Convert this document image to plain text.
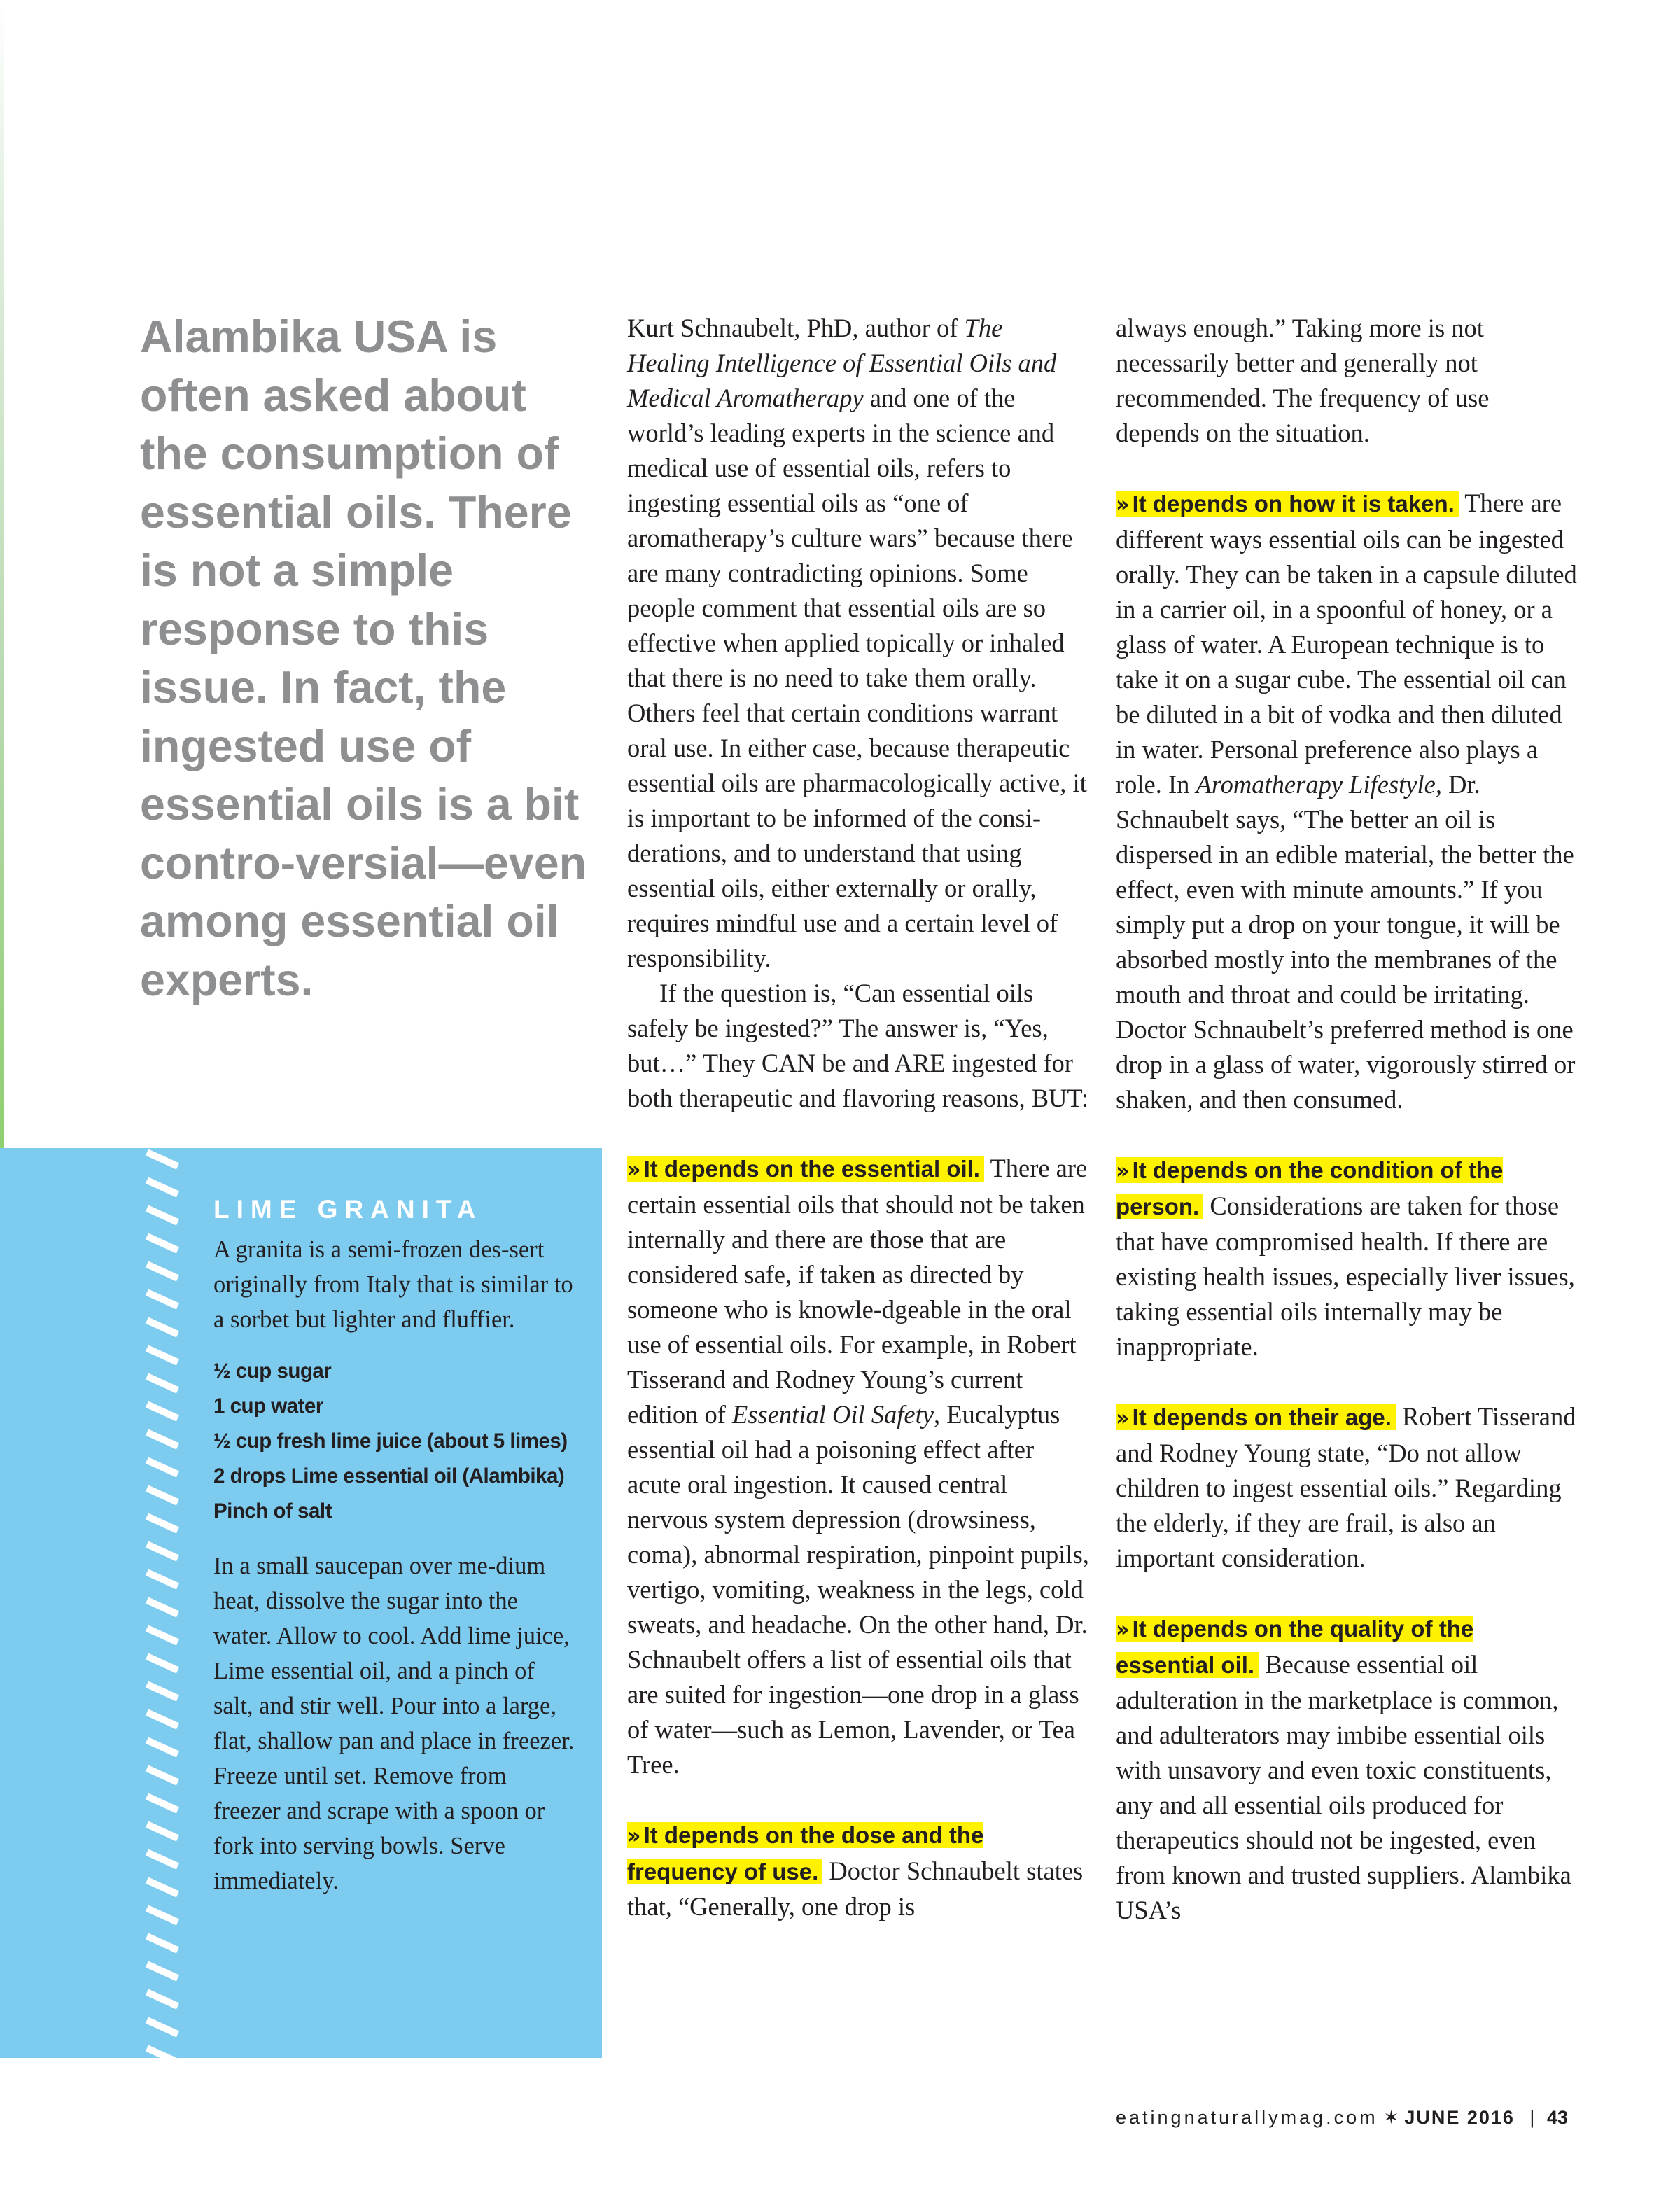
Alambika USA is often asked about the consumption of essential oils. There is not a simple response to this issue. In fact, the ingested use of essential oils is a bit contro-versial—even among essential oil experts.

Kurt Schnaubelt, PhD, author of The Healing Intelligence of Essential Oils and Medical Aromatherapy and one of the world’s leading experts in the science and medical use of essential oils, refers to ingesting essential oils as “one of aromatherapy’s culture wars” because there are many contradicting opinions. Some people comment that essential oils are so effective when applied topically or inhaled that there is no need to take them orally. Others feel that certain conditions warrant oral use. In either case, because therapeutic essential oils are pharmacologically active, it is important to be informed of the consi-derations, and to understand that using essential oils, either externally or orally, requires mindful use and a certain level of responsibility.

If the question is, “Can essential oils safely be ingested?” The answer is, “Yes, but…” They CAN be and ARE ingested for both therapeutic and flavoring reasons, BUT:

›› It depends on the essential oil. There are certain essential oils that should not be taken internally and there are those that are considered safe, if taken as directed by someone who is knowle-dgeable in the oral use of essential oils. For example, in Robert Tisserand and Rodney Young’s current edition of Essential Oil Safety, Eucalyptus essential oil had a poisoning effect after acute oral ingestion. It caused central nervous system depression (drowsiness, coma), abnormal respiration, pinpoint pupils, vertigo, vomiting, weakness in the legs, cold sweats, and headache. On the other hand, Dr. Schnaubelt offers a list of essential oils that are suited for ingestion—one drop in a glass of water—such as Lemon, Lavender, or Tea Tree.

›› It depends on the dose and the frequency of use. Doctor Schnaubelt states that, “Generally, one drop is

always enough.” Taking more is not necessarily better and generally not recommended. The frequency of use depends on the situation.

›› It depends on how it is taken. There are different ways essential oils can be ingested orally. They can be taken in a capsule diluted in a carrier oil, in a spoonful of honey, or a glass of water. A European technique is to take it on a sugar cube. The essential oil can be diluted in a bit of vodka and then diluted in water. Personal preference also plays a role. In Aromatherapy Lifestyle, Dr. Schnaubelt says, “The better an oil is dispersed in an edible material, the better the effect, even with minute amounts.” If you simply put a drop on your tongue, it will be absorbed mostly into the membranes of the mouth and throat and could be irritating. Doctor Schnaubelt’s preferred method is one drop in a glass of water, vigorously stirred or shaken, and then consumed.

›› It depends on the condition of the person. Considerations are taken for those that have compromised health. If there are existing health issues, especially liver issues, taking essential oils internally may be inappropriate.

›› It depends on their age. Robert Tisserand and Rodney Young state, “Do not allow children to ingest essential oils.” Regarding the elderly, if they are frail, is also an important consideration.

›› It depends on the quality of the essential oil. Because essential oil adulteration in the marketplace is common, and adulterators may imbibe essential oils with unsavory and even toxic constituents, any and all essential oils produced for therapeutics should not be ingested, even from known and trusted suppliers. Alambika USA’s

LIME GRANITA

A granita is a semi-frozen des-sert originally from Italy that is similar to a sorbet but lighter and fluffier.

½ cup sugar
1 cup water
½ cup fresh lime juice (about 5 limes)
2 drops Lime essential oil (Alambika)
Pinch of salt

In a small saucepan over me-dium heat, dissolve the sugar into the water. Allow to cool. Add lime juice, Lime essential oil, and a pinch of salt, and stir well. Pour into a large, flat, shallow pan and place in freezer. Freeze until set. Remove from freezer and scrape with a spoon or fork into serving bowls. Serve immediately.

eatingnaturallymag.com ✶ JUNE 2016 | 43
